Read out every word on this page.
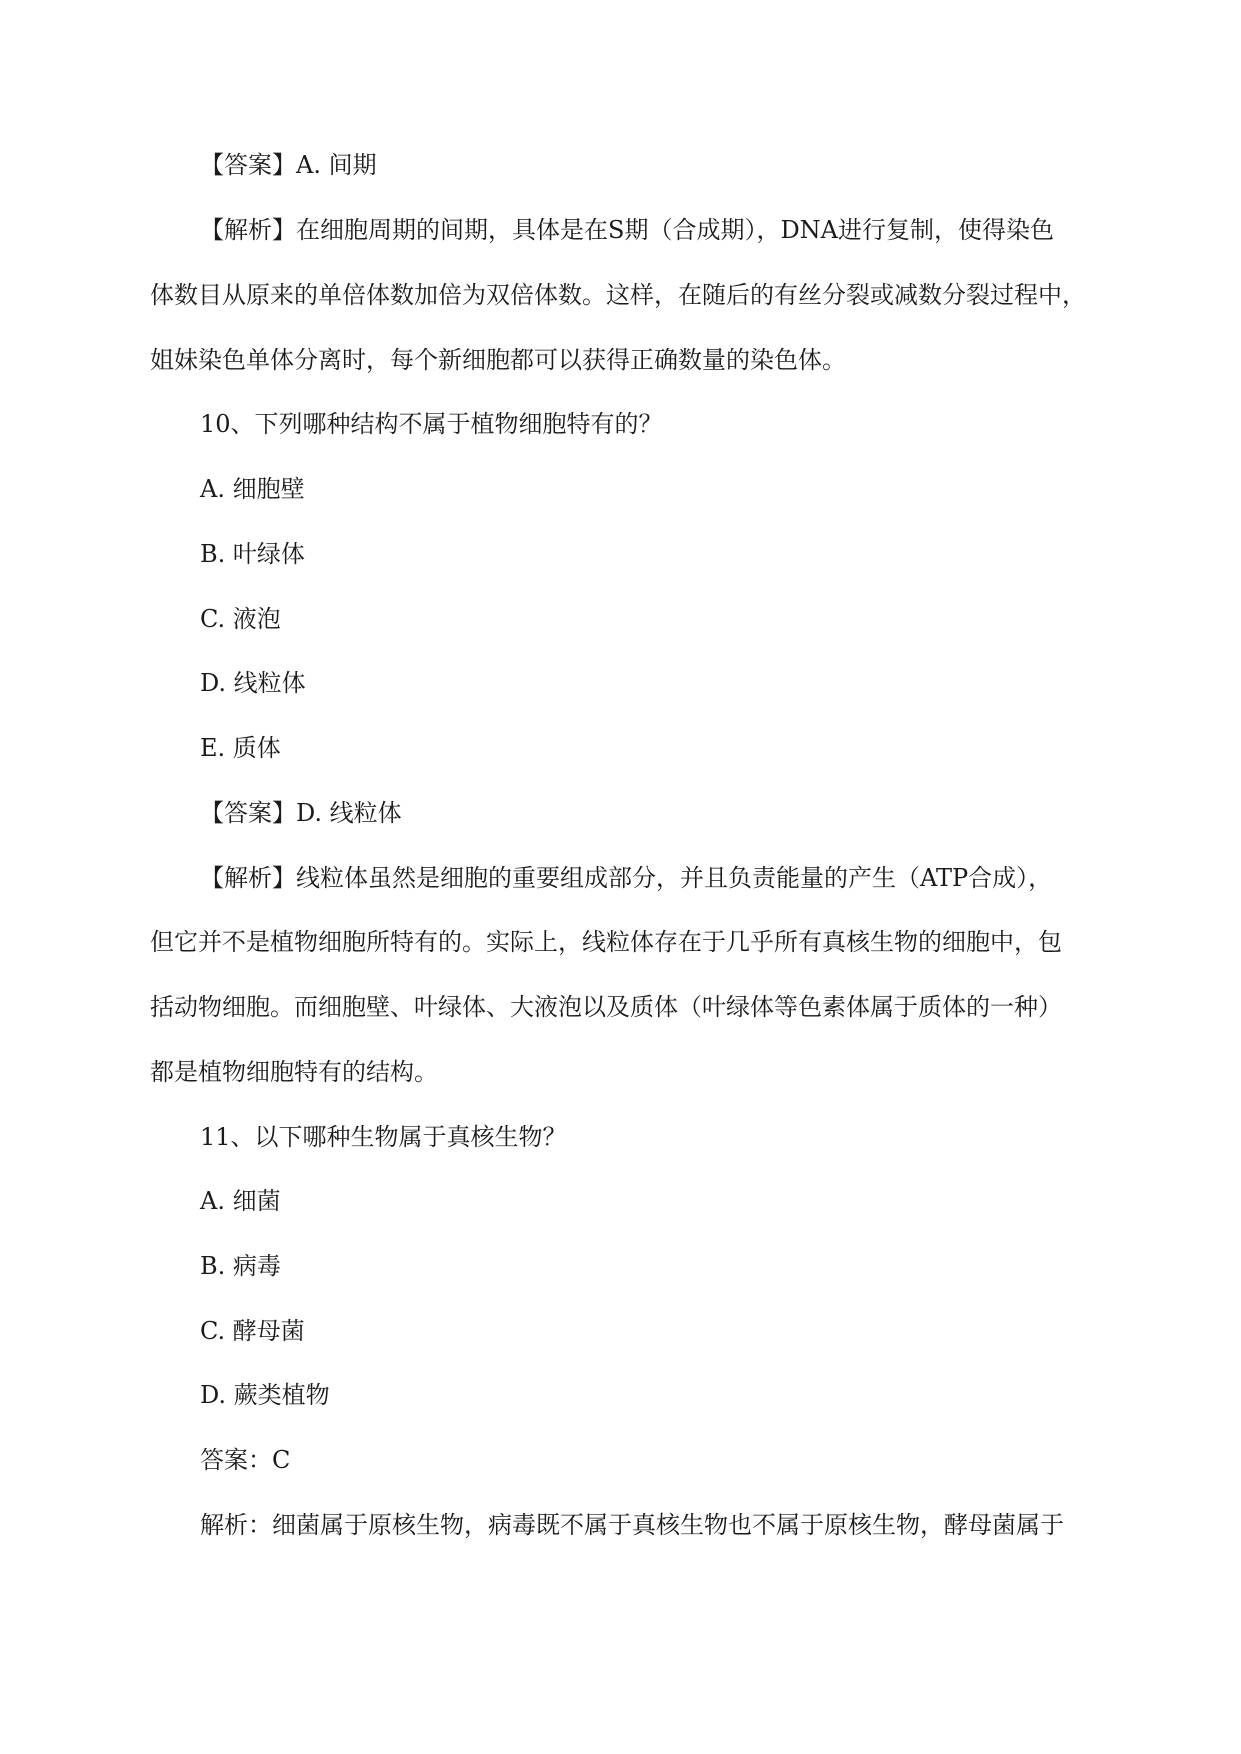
【答案】A. 间期
【解析】在细胞周期的间期，具体是在S期（合成期），DNA进行复制，使得染色
体数目从原来的单倍体数加倍为双倍体数。这样，在随后的有丝分裂或减数分裂过程中，
姐妹染色单体分离时，每个新细胞都可以获得正确数量的染色体。
10、下列哪种结构不属于植物细胞特有的？
A. 细胞壁
B. 叶绿体
C. 液泡
D. 线粒体
E. 质体
【答案】D. 线粒体
【解析】线粒体虽然是细胞的重要组成部分，并且负责能量的产生（ATP合成），
但它并不是植物细胞所特有的。实际上，线粒体存在于几乎所有真核生物的细胞中，包
括动物细胞。而细胞壁、叶绿体、大液泡以及质体（叶绿体等色素体属于质体的一种）
都是植物细胞特有的结构。
11、以下哪种生物属于真核生物？
A. 细菌
B. 病毒
C. 酵母菌
D. 蕨类植物
答案：C
解析：细菌属于原核生物，病毒既不属于真核生物也不属于原核生物，酵母菌属于
